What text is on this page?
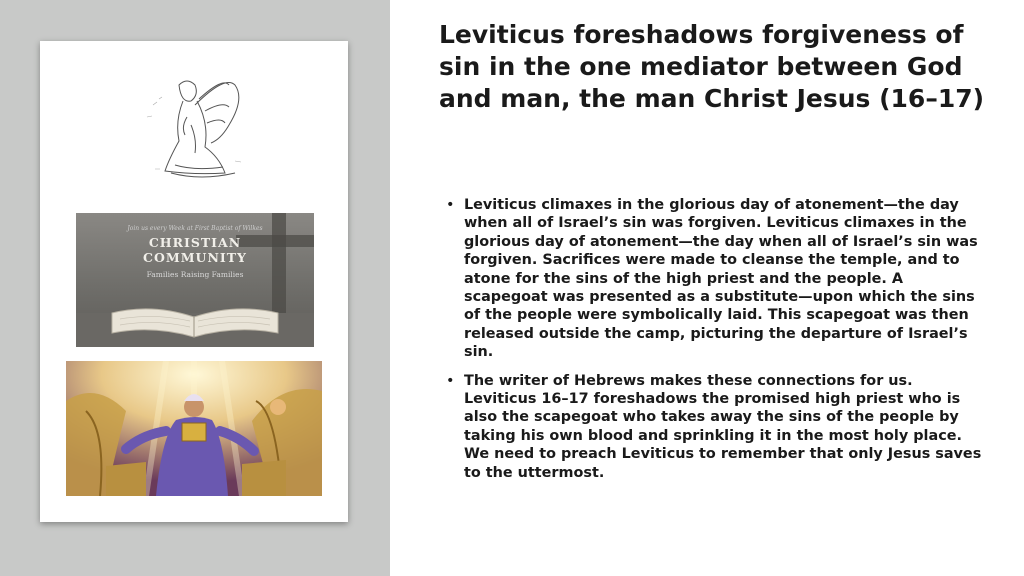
Join us every Week at First Baptist of Wilkes
CHRISTIAN
COMMUNITY
Families Raising Families
Leviticus foreshadows forgiveness of sin in the one mediator between God and man, the man Christ Jesus (16–17)
• Leviticus climaxes in the glorious day of atonement—the day when all of Israel’s sin was forgiven. Leviticus climaxes in the glorious day of atonement—the day when all of Israel’s sin was forgiven. Sacrifices were made to cleanse the temple, and to atone for the sins of the high priest and the people. A scapegoat was presented as a substitute—upon which the sins of the people were symbolically laid. This scapegoat was then released outside the camp, picturing the departure of Israel’s sin.
• The writer of Hebrews makes these connections for us. Leviticus 16–17 foreshadows the promised high priest who is also the scapegoat who takes away the sins of the people by taking his own blood and sprinkling it in the most holy place. We need to preach Leviticus to remember that only Jesus saves to the uttermost.
